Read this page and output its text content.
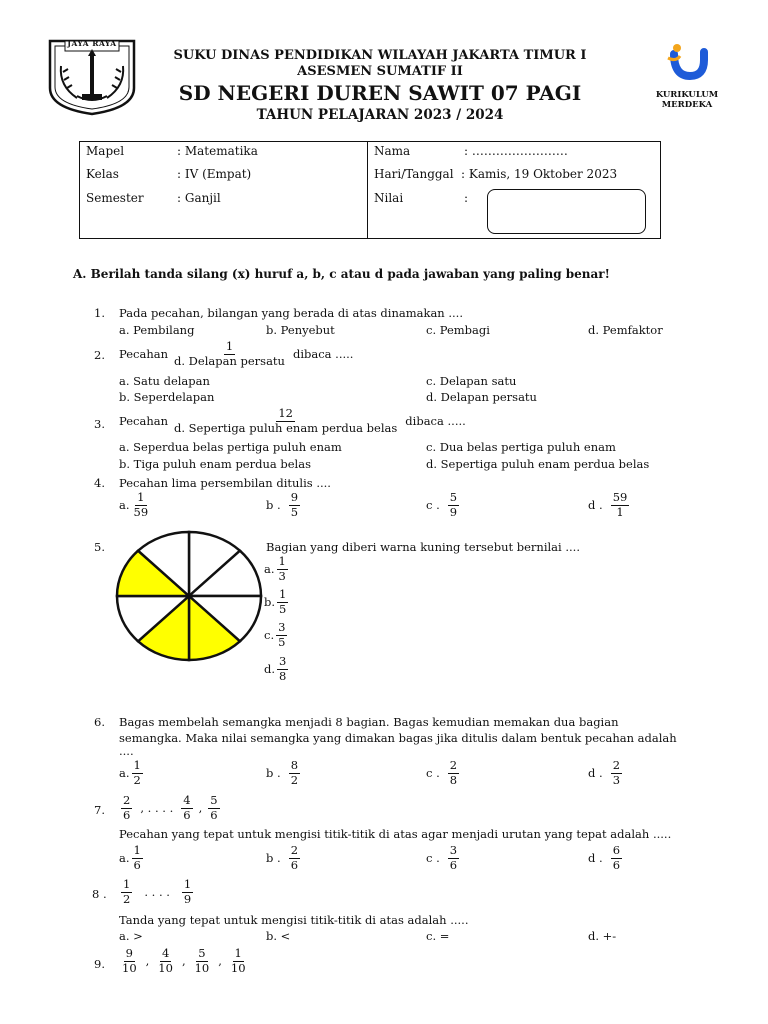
JAYA RAYA
SUKU DINAS PENDIDIKAN WILAYAH JAKARTA TIMUR I
ASESMEN SUMATIF II
SD NEGERI DUREN SAWIT 07 PAGI
TAHUN PELAJARAN 2023 / 2024
KURIKULUM MERDEKA
Mapel	: Matematika
Kelas	: IV (Empat)
Semester	: Ganjil
Nama	: ……………………
Hari/Tanggal : Kamis, 19 Oktober 2023
Nilai	:
A. Berilah tanda silang (x) huruf a, b, c atau d pada jawaban yang paling benar!
1. Pada pecahan, bilangan yang berada di atas dinamakan ....
a. Pembilang	b. Penyebut	c. Pembagi	d. Pemfaktor
2. Pecahan $\frac{1}{\text{d. Delapan persatu}}$ dibaca .....
a. Satu delapan	c. Delapan satu
b. Seperdelapan	d. Delapan persatu
3. Pecahan $\frac{12}{\text{d. Sepertiga puluh enam perdua belas}}$ dibaca .....
a. Seperdua belas pertiga puluh enam	c. Dua belas pertiga puluh enam
b. Tiga puluh enam perdua belas	d. Sepertiga puluh enam perdua belas
4. Pecahan lima persembilan ditulis ....
a. $\frac{1}{59}$	b . $\frac{9}{5}$	c . $\frac{5}{9}$	d . $\frac{59}{1}$
5.	Bagian yang diberi warna kuning tersebut bernilai ....
a. $\frac{1}{3}$
b. $\frac{1}{5}$
c. $\frac{3}{5}$
d. $\frac{3}{8}$
6. Bagas membelah semangka menjadi 8 bagian. Bagas kemudian memakan dua bagian
semangka. Maka nilai semangka yang dimakan bagas jika ditulis dalam bentuk pecahan adalah
....
a. $\frac{1}{2}$	b . $\frac{8}{2}$	c . $\frac{2}{8}$	d . $\frac{2}{3}$
7. $\frac{2}{6}$ , . . . . $\frac{4}{6}$ , $\frac{5}{6}$
Pecahan yang tepat untuk mengisi titik-titik di atas agar menjadi urutan yang tepat adalah .....
a. $\frac{1}{6}$	b . $\frac{2}{6}$	c . $\frac{3}{6}$	d . $\frac{6}{6}$
8 . $\frac{1}{2}$ . . . . $\frac{1}{9}$
Tanda yang tepat untuk mengisi titik-titik di atas adalah .....
a. >	b. <	c. =	d. +-
9. $\frac{9}{10}$ , $\frac{4}{10}$ , $\frac{5}{10}$ , $\frac{1}{10}$
